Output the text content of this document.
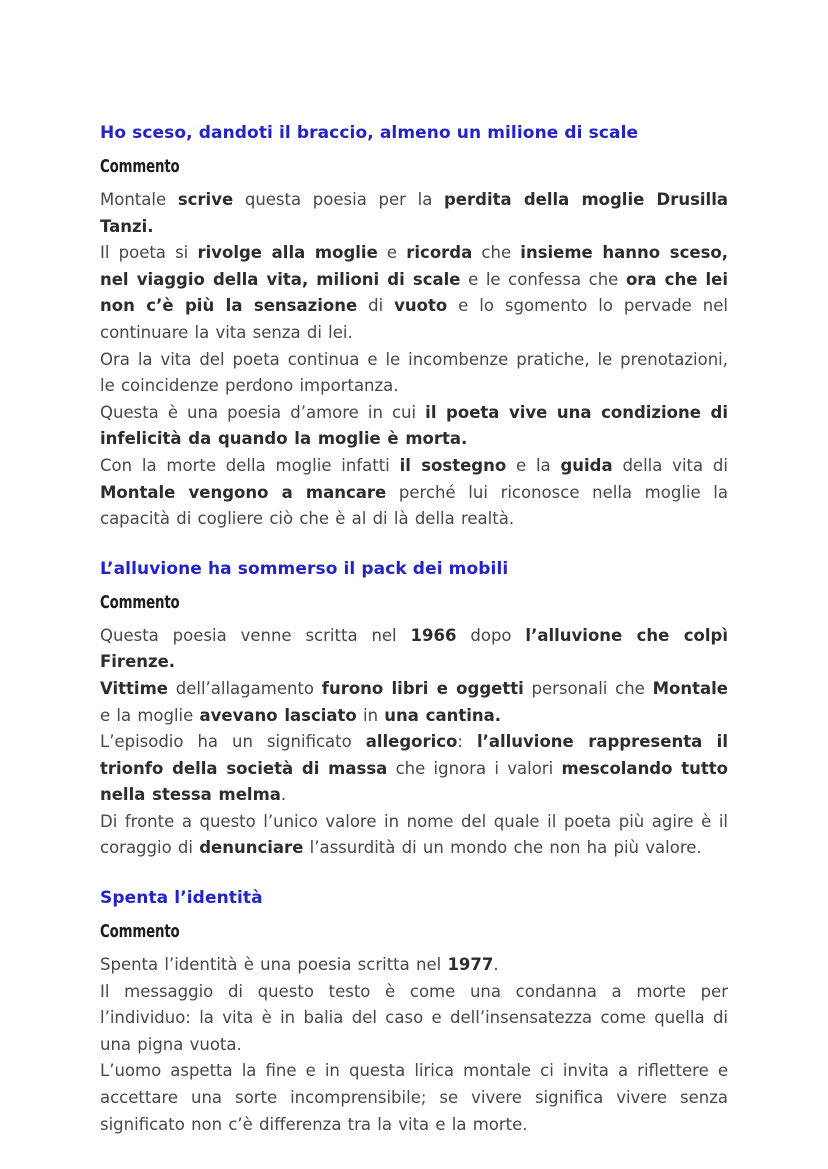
Ho sceso, dandoti il braccio, almeno un milione di scale
Commento

Montale scrive questa poesia per la perdita della moglie Drusilla Tanzi.

Il poeta si rivolge alla moglie e ricorda che insieme hanno sceso, nel viaggio della vita, milioni di scale e le confessa che ora che lei non c’è più la sensazione di vuoto e lo sgomento lo pervade nel continuare la vita senza di lei.

Ora la vita del poeta continua e le incombenze pratiche, le prenotazioni, le coincidenze perdono importanza.

Questa è una poesia d’amore in cui il poeta vive una condizione di infelicità da quando la moglie è morta.

Con la morte della moglie infatti il sostegno e la guida della vita di Montale vengono a mancare perché lui riconosce nella moglie la capacità di cogliere ciò che è al di là della realtà.

L’alluvione ha sommerso il pack dei mobili
Commento

Questa poesia venne scritta nel 1966 dopo l’alluvione che colpì Firenze.

Vittime dell’allagamento furono libri e oggetti personali che Montale e la moglie avevano lasciato in una cantina.

L’episodio ha un significato allegorico: l’alluvione rappresenta il trionfo della società di massa che ignora i valori mescolando tutto nella stessa melma.

Di fronte a questo l’unico valore in nome del quale il poeta più agire è il coraggio di denunciare l’assurdità di un mondo che non ha più valore.

Spenta l’identità
Commento

Spenta l’identità è una poesia scritta nel 1977.

Il messaggio di questo testo è come una condanna a morte per l’individuo: la vita è in balia del caso e dell’insensatezza come quella di una pigna vuota.

L’uomo aspetta la fine e in questa lirica montale ci invita a riflettere e accettare una sorte incomprensibile; se vivere significa vivere senza significato non c’è differenza tra la vita e la morte.
